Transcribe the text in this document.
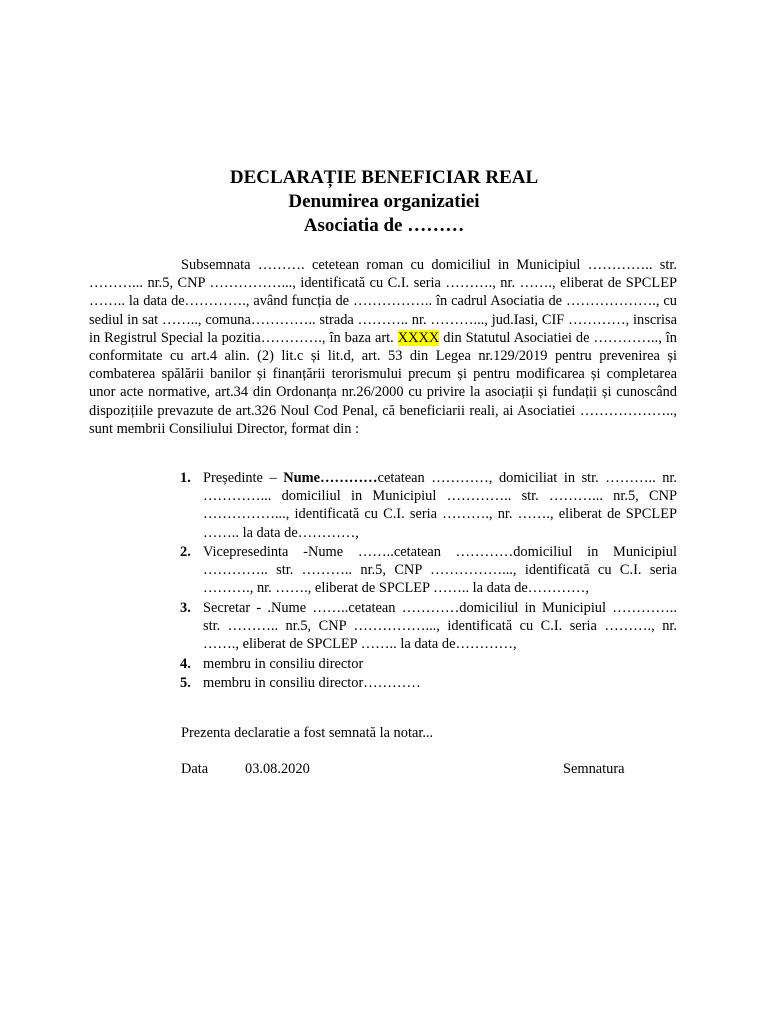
DECLARAȚIE BENEFICIAR REAL
Denumirea organizatiei
Asociatia de ………

Subsemnata ………. cetetean roman cu domiciliul in Municipiul ………….. str. ………... nr.5, CNP ……………..., identificată cu C.I. seria ………., nr. ……., eliberat de SPCLEP …….. la data de…………., având funcția de …………….. în cadrul Asociatia de ………………., cu sediul in sat …….., comuna………….. strada ……….. nr. ………..., jud.Iasi, CIF …………, inscrisa in Registrul Special la pozitia…………., în baza art. XXXX din Statutul Asociatiei de ………….., în conformitate cu art.4 alin. (2) lit.c și lit.d, art. 53 din Legea nr.129/2019 pentru prevenirea și combaterea spălării banilor și finanțării terorismului precum și pentru modificarea și completarea unor acte normative, art.34 din Ordonanța nr.26/2000 cu privire la asociații și fundații și cunoscând dispozițiile prevazute de art.326 Noul Cod Penal, că beneficiarii reali, ai Asociatiei ……………….., sunt membrii Consiliului Director, format din :

1. Președinte – Nume…………cetatean …………, domiciliat in str. ……….. nr. …………... domiciliul in Municipiul ………….. str. ………... nr.5, CNP ……………..., identificată cu C.I. seria ………., nr. ……., eliberat de SPCLEP …….. la data de…………,
2. Vicepresedinta -Nume ……..cetatean …………domiciliul in Municipiul ………….. str. ……….. nr.5, CNP ……………..., identificată cu C.I. seria ………., nr. ……., eliberat de SPCLEP …….. la data de…………,
3. Secretar - .Nume ……..cetatean …………domiciliul in Municipiul ………….. str. ……….. nr.5, CNP ……………..., identificată cu C.I. seria ………., nr. ……., eliberat de SPCLEP …….. la data de…………,
4. membru in consiliu director
5. membru in consiliu director…………

Prezenta declaratie a fost semnată la notar...

Data	03.08.2020	Semnatura
